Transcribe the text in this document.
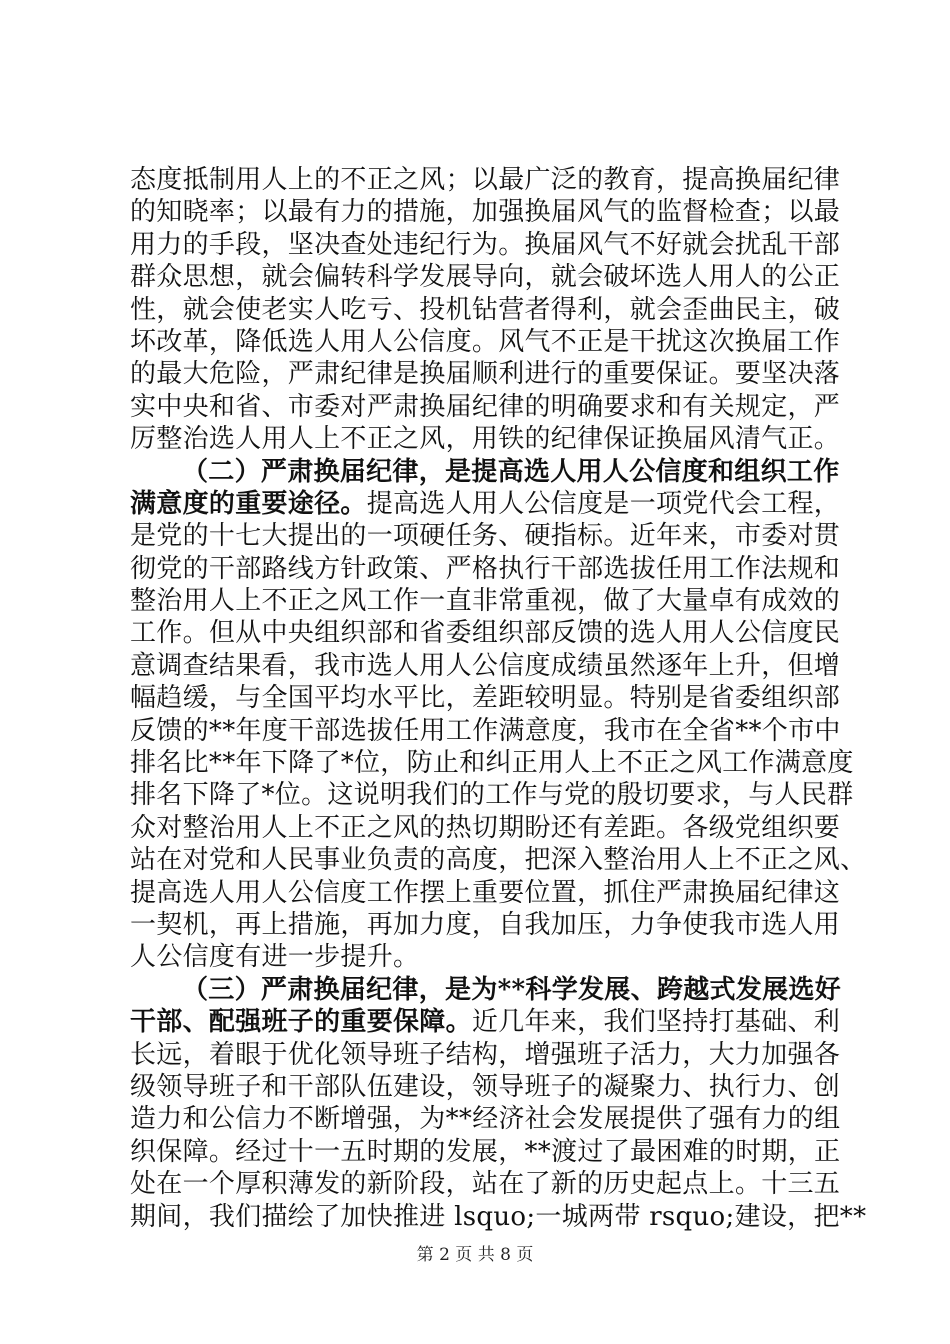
态度抵制用人上的不正之风；以最广泛的教育，提高换届纪律
的知晓率；以最有力的措施，加强换届风气的监督检查；以最
用力的手段，坚决查处违纪行为。换届风气不好就会扰乱干部
群众思想，就会偏转科学发展导向，就会破坏选人用人的公正
性，就会使老实人吃亏、投机钻营者得利，就会歪曲民主，破
坏改革，降低选人用人公信度。风气不正是干扰这次换届工作
的最大危险，严肃纪律是换届顺利进行的重要保证。要坚决落
实中央和省、市委对严肃换届纪律的明确要求和有关规定，严
厉整治选人用人上不正之风，用铁的纪律保证换届风清气正。
（二）严肃换届纪律，是提高选人用人公信度和组织工作
满意度的重要途径。提高选人用人公信度是一项党代会工程，
是党的十七大提出的一项硬任务、硬指标。近年来，市委对贯
彻党的干部路线方针政策、严格执行干部选拔任用工作法规和
整治用人上不正之风工作一直非常重视，做了大量卓有成效的
工作。但从中央组织部和省委组织部反馈的选人用人公信度民
意调查结果看，我市选人用人公信度成绩虽然逐年上升，但增
幅趋缓，与全国平均水平比，差距较明显。特别是省委组织部
反馈的**年度干部选拔任用工作满意度，我市在全省**个市中
排名比**年下降了*位，防止和纠正用人上不正之风工作满意度
排名下降了*位。这说明我们的工作与党的殷切要求，与人民群
众对整治用人上不正之风的热切期盼还有差距。各级党组织要
站在对党和人民事业负责的高度，把深入整治用人上不正之风、
提高选人用人公信度工作摆上重要位置，抓住严肃换届纪律这
一契机，再上措施，再加力度，自我加压，力争使我市选人用
人公信度有进一步提升。
（三）严肃换届纪律，是为**科学发展、跨越式发展选好
干部、配强班子的重要保障。近几年来，我们坚持打基础、利
长远，着眼于优化领导班子结构，增强班子活力，大力加强各
级领导班子和干部队伍建设，领导班子的凝聚力、执行力、创
造力和公信力不断增强，为**经济社会发展提供了强有力的组
织保障。经过十一五时期的发展，**渡过了最困难的时期，正
处在一个厚积薄发的新阶段，站在了新的历史起点上。十三五
期间，我们描绘了加快推进 lsquo;一城两带 rsquo;建设，把**
第 2 页 共 8 页
